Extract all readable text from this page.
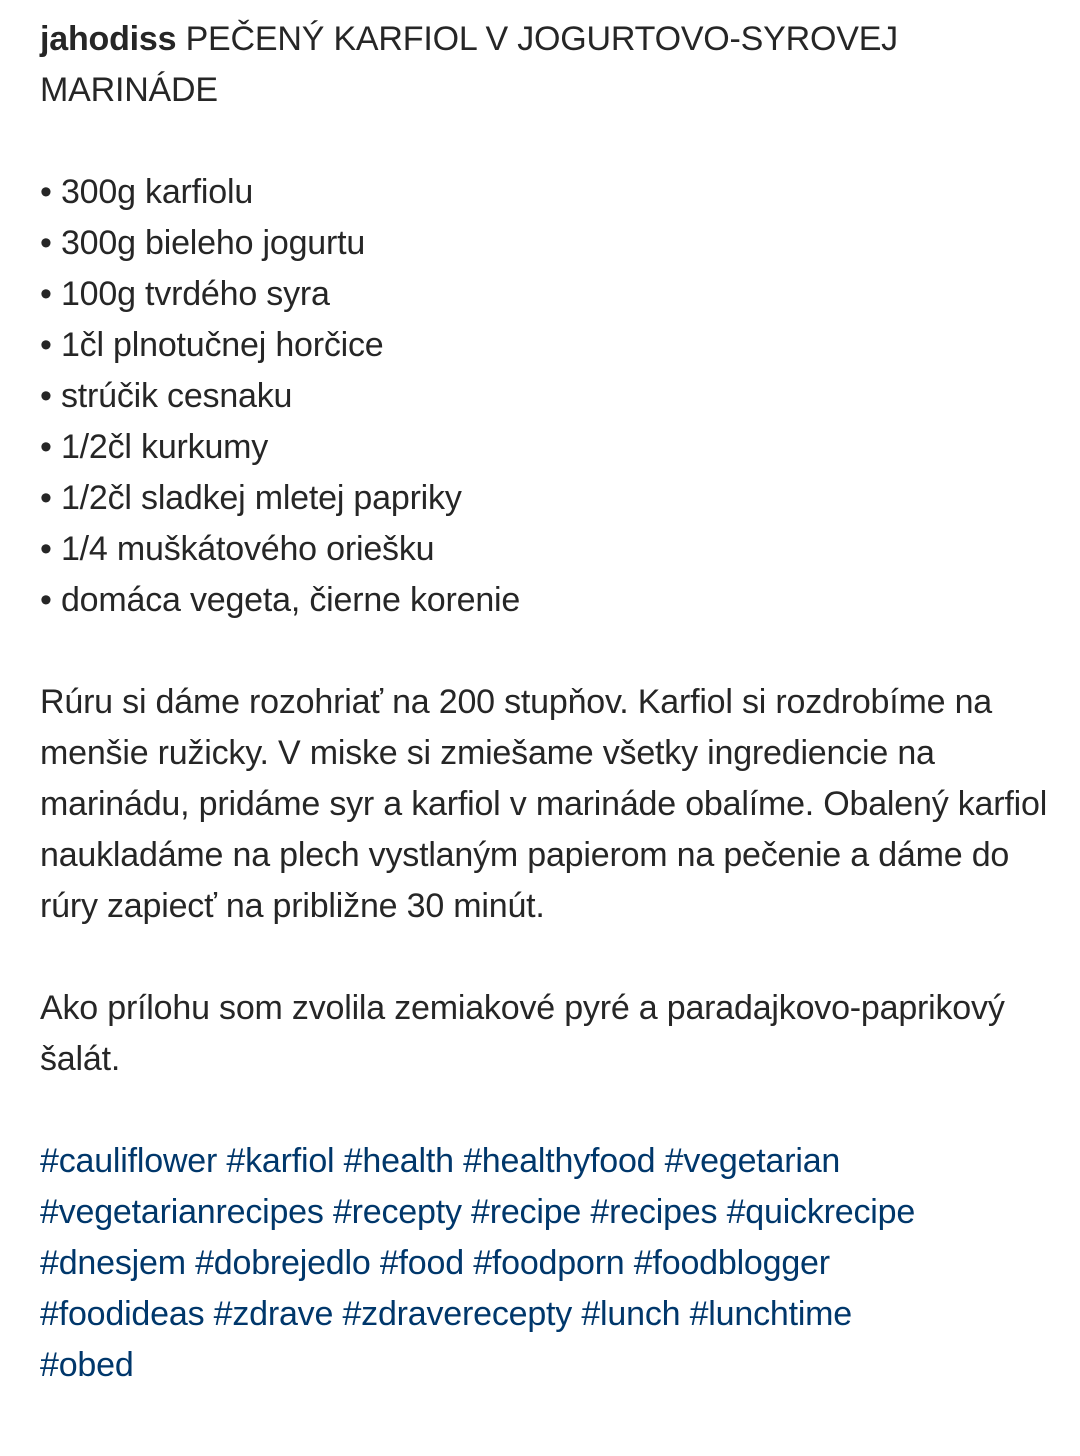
jahodiss PEČENÝ KARFIOL V JOGURTOVO-SYROVEJ MARINÁDE
• 300g karfiolu
• 300g bieleho jogurtu
• 100g tvrdého syra
• 1čl plnotučnej horčice
• strúčik cesnaku
• 1/2čl kurkumy
• 1/2čl sladkej mletej papriky
• 1/4 muškátového oriešku
• domáca vegeta, čierne korenie
Rúru si dáme rozohriať na 200 stupňov. Karfiol si rozdrobíme na menšie ružicky. V miske si zmiešame všetky ingrediencie na marinádu, pridáme syr a karfiol v marináde obalíme. Obalený karfiol naukladáme na plech vystlaným papierom na pečenie a dáme do rúry zapiecť na približne 30 minút.
Ako prílohu som zvolila zemiakové pyré a paradajkovo-paprikový šalát.
#cauliflower #karfiol #health #healthyfood #vegetarian
#vegetarianrecipes #recepty #recipe #recipes #quickrecipe
#dnesjem #dobrejedlo #food #foodporn #foodblogger
#foodideas #zdrave #zdraverecepty #lunch #lunchtime
#obed
